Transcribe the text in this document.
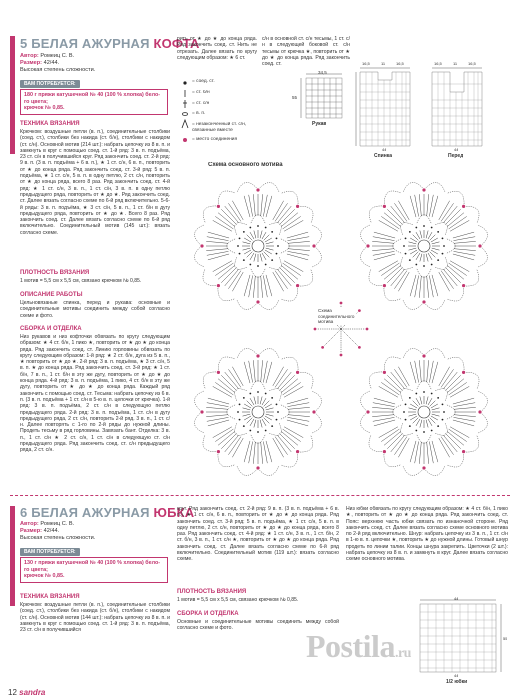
5 БЕЛАЯ АЖУРНАЯ КОФТА
Автор: Ромеиц С. В.
Размер: 42/44.
Высокая степень сложности.
ВАМ ПОТРЕБУЕТСЯ:
180 г пряжи катушечной № 40 (100 % хлопка) бело-
го цвета;
крючок № 0,85.
ТЕХНИКА ВЯЗАНИЯ
Крючком: воздушные петли (в. п.), соединительные столбики (соед. ст.), столбики без накида (ст. б/н), столбики с накидом (ст. с/н). Основной мотив (214 шт.): набрать цепочку из 8 в. п. и замкнуть в круг с помощью соед. ст. 1-й ряд: 3 в. п. подъёма, 23 ст. с/н в получившийся круг. Ряд закончить соед. ст. 2-й ряд: 9 в. п. (3 в. п. подъёма + 6 в. п.), ★ 1 ст. с/н, 6 в. п., повторить от ★ до конца ряда. Ряд закончить соед. ст. 3-й ряд: 5 в. п. подъёма, ★ 1 ст. с/н, 5 в. п. в одну петлю, 2 ст. с/н, повторить от ★ до конца ряда, всего 8 раз. Ряд закончить соед. ст. 4-й ряд: ★ 1 ст. с/н, 3 в. п., 1 ст. с/н, 3 в. п. в одну петлю предыдущего ряда, повторить от ★ до ★. Ряд закончить соед. ст. Далее вязать согласно схеме по 6-й ряд включительно. 5-6-й ряды: 3 в. п. подъёма, ★ 3 ст. с/н, 5 в. п., 1 ст. б/н в дугу предыдущего ряда, повторить от ★ до ★. Всего 8 раз. Ряд закончить соед. ст. Далее вязать согласно схеме по 6-й ряд включительно. Соединительный мотив (145 шт.): вязать согласно схеме.
ПЛОТНОСТЬ ВЯЗАНИЯ
1 мотив = 5,5 см х 5,5 см, связано крючком № 0,85.
ОПИСАНИЕ РАБОТЫ
Цельновязаные спинка, перед и рукава: основные и соединительные мотивы соединить между собой согласно схеме и фото.
СБОРКА И ОТДЕЛКА
Низ рукавов и низ кофточки обвязать по кругу следующим образом: ★ 4 ст. б/н, 1 пико ★, повторить от ★ до ★ до конца ряда. Ряд закончить соед. ст. Линию горловины обвязать по кругу следующим образом: 1-й ряд: ★ 2 ст. б/н, дуга из 5 в. п., ★ повторить от ★ до ★. 2-й ряд: 3 в. п. подъёма, ★ 3 ст. с/н, 5 в. п. ★ до конца ряда. Ряд закончить соед. ст. 3-й ряд: ★ 1 ст. б/н, 7 в. п., 1 ст. б/н в эту же дугу, повторить от ★ до ★ до конца ряда. 4-й ряд: 3 в. п. подъёма, 1 пико, 4 ст. б/н в эту же дугу, повторить от ★ до ★ до конца ряда. Каждый ряд закончить с помощью соед. ст. Тесьма: набрать цепочку из 6 в. п. (3 в. п. подъёма + 1 ст. с/н в 5-ю в. п. цепочки от крючка). 1-й ряд: 3 в. п. подъёма, 2 ст. с/н в следующую петлю предыдущего ряда. 2-й ряд: 3 в. п. подъёма, 1 ст. с/н в дугу предыдущего ряда, 2 ст. с/н, повторить 2-й ряд. 3 в. п., 1 ст. с/н. Далее повторять с 1-го по 2-й ряды до нужной длины. Продеть тесьму в ряд горловины. Завязать бант. Отделка: 3 в. п., 1 ст. с/н ★ 2 ст. с/н, 1 ст. с/н в следующую ст. с/н предыдущего ряда. Ряд закончить соед. ст. с/н предыдущего ряда, 2 ст. с/н.
рить от ★ до ★ до конца ряда. Ряд закончить соед. ст. Нить не отрезать. Далее вязать по кругу следующим образом: ★ 6 ст.
с/н в основной ст. с/н тесьмы, 1 ст. с/н в следующей боковой ст. с/н тесьмы от крючка ★, повторить от ★ до ★ до конца ряда. Ряд закончить соед. ст.
= соед. ст.
= ст. б/н
= ст. с/н
= в. п.
= незаконченный ст. с/н, связанные вместе
= место соединения
34,5
55
Рукав
16,5	11	16,5	16,5	11	16,5
44	44
Спинка	Перед
Схема основного мотива
Схема соединительного мотива
6 БЕЛАЯ АЖУРНАЯ ЮБКА
Автор: Ромеиц С. В.
Размер: 42/44.
Высокая степень сложности.
ВАМ ПОТРЕБУЕТСЯ:
130 г пряжи катушечной № 40 (100 % хлопка) бело-
го цвета;
крючок № 0,85.
ТЕХНИКА ВЯЗАНИЯ
Крючком: воздушные петли (в. п.), соединительные столбики (соед. ст.), столбики без накида (ст. б/н), столбики с накидом (ст. с/н). Основной мотив (144 шт.): набрать цепочку из 8 в. п. и замкнуть в круг с помощью соед. ст. 1-й ряд: 3 в. п. подъёма, 23 ст. с/н в получившийся
круг. Ряд закончить соед. ст. 2-й ряд: 9 в. п. (3 в. п. подъёма + 6 в. п.), ★ 1 ст. с/н, 6 в. п., повторить от ★ до ★ до конца ряда. Ряд закончить соед. ст. 3-й ряд: 5 в. п. подъёма, ★ 1 ст. с/н, 5 в. п. в одну петлю, 2 ст. с/н, повторить от ★ до ★ до конца ряда, всего 8 раз. Ряд закончить соед. ст. 4-й ряд: ★ 1 ст. с/н, 3 в. п., 1 ст. б/н, 2 ст. б/н, 3 в. п., 1 ст. с/н ★, повторить от ★ до ★ до конца ряда. Ряд закончить соед. ст. Далее вязать согласно схеме по 6-й ряд включительно. Соединительный мотив (119 шт.): вязать согласно схеме.
ПЛОТНОСТЬ ВЯЗАНИЯ
1 мотив = 5,5 см х 5,5 см, связано крючком № 0,85.
СБОРКА И ОТДЕЛКА
Основные и соединительные мотивы соединить между собой согласно схеме и фото.
Низ юбки обвязать по кругу следующим образом: ★ 4 ст. б/н, 1 пико ★, повторить от ★ до ★ до конца ряда. Ряд закончить соед. ст. Пояс: верхнюю часть юбки связать по изнаночной стороне. Ряд закончить соед. ст. Далее вязать согласно схеме основного мотива по 2-й ряд включительно. Шнур: набрать цепочку из 3 в. п., 1 ст. с/н в 1-ю в. п. цепочки ★, повторить ★ до нужной длины. Готовый шнур продеть по линии талии. Концы шнура закрепить. Цветочки (2 шт.): набрать цепочку из 8 в. п. и замкнуть в круг. Далее вязать согласно схеме основного мотива.
44
55
44
1/2 юбки
Postila.ru
12 sandra
